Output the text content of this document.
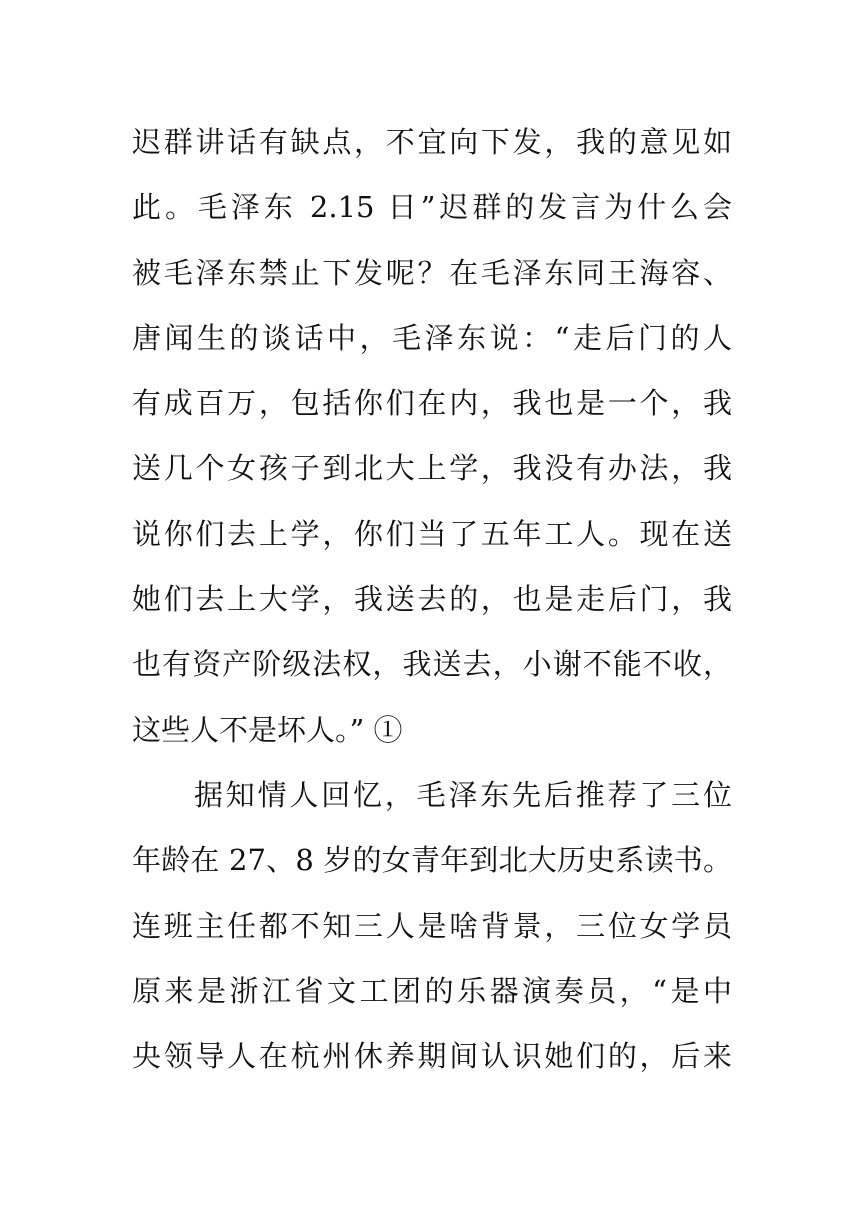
迟群讲话有缺点，不宜向下发，我的意见如
此。毛泽东 2.15 日”迟群的发言为什么会
被毛泽东禁止下发呢？在毛泽东同王海容、
唐闻生的谈话中，毛泽东说：“走后门的人
有成百万，包括你们在内，我也是一个，我
送几个女孩子到北大上学，我没有办法，我
说你们去上学，你们当了五年工人。现在送
她们去上大学，我送去的，也是走后门，我
也有资产阶级法权，我送去，小谢不能不收，
这些人不是坏人。” ①
据知情人回忆，毛泽东先后推荐了三位
年龄在 27、8 岁的女青年到北大历史系读书。
连班主任都不知三人是啥背景，三位女学员
原来是浙江省文工团的乐器演奏员，“是中
央领导人在杭州休养期间认识她们的，后来
